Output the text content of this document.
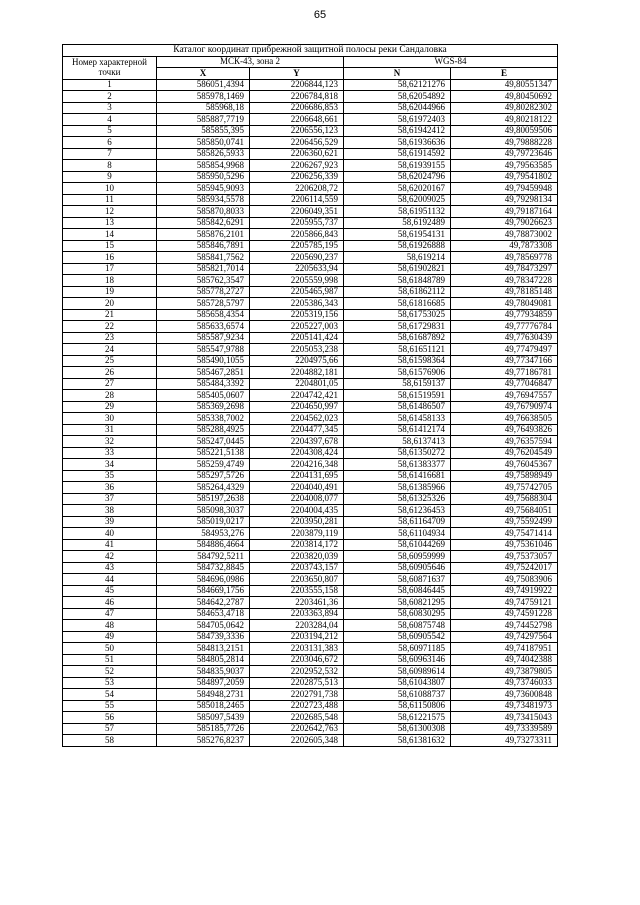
65
Каталог координат прибрежной защитной полосы реки Сандаловка				
Номер характерной точки	МСК-43, зона 2		WGS-84	
	X	Y	N	E
1	586051,4394	2206844,123	58,62121276	49,80551347
2	585978,1469	2206784,818	58,62054892	49,80450692
3	585968,18	2206686,853	58,62044966	49,80282302
4	585887,7719	2206648,661	58,61972403	49,80218122
5	585855,395	2206556,123	58,61942412	49,80059506
6	585850,0741	2206456,529	58,61936636	49,79888228
7	585826,5933	2206360,621	58,61914592	49,79723646
8	585854,9968	2206267,923	58,61939155	49,79563585
9	585950,5296	2206256,339	58,62024796	49,79541802
10	585945,9093	2206208,72	58,62020167	49,79459948
11	585934,5578	2206114,559	58,62009025	49,79298134
12	585870,8033	2206049,351	58,61951132	49,79187164
13	585842,6291	2205955,737	58,6192489	49,79026623
14	585876,2101	2205866,843	58,61954131	49,78873002
15	585846,7891	2205785,195	58,61926888	49,7873308
16	585841,7562	2205690,237	58,619214	49,78569778
17	585821,7014	2205633,94	58,61902821	49,78473297
18	585762,3547	2205559,998	58,61848789	49,78347228
19	585778,2727	2205465,987	58,61862112	49,78185148
20	585728,5797	2205386,343	58,61816685	49,78049081
21	585658,4354	2205319,156	58,61753025	49,77934859
22	585633,6574	2205227,003	58,61729831	49,77776784
23	585587,9234	2205141,424	58,61687892	49,77630439
24	585547,9788	2205053,238	58,61651121	49,77479497
25	585490,1055	2204975,66	58,61598364	49,77347166
26	585467,2851	2204882,181	58,61576906	49,77186781
27	585484,3392	2204801,05	58,6159137	49,77046847
28	585405,0607	2204742,421	58,61519591	49,76947557
29	585369,2698	2204650,997	58,61486507	49,76790974
30	585338,7002	2204562,023	58,61458133	49,76638505
31	585288,4925	2204477,345	58,61412174	49,76493826
32	585247,0445	2204397,678	58,6137413	49,76357594
33	585221,5138	2204308,424	58,61350272	49,76204549
34	585259,4749	2204216,348	58,61383377	49,76045367
35	585297,5726	2204131,695	58,61416681	49,75898949
36	585264,4329	2204040,491	58,61385966	49,75742705
37	585197,2638	2204008,077	58,61325326	49,75688304
38	585098,3037	2204004,435	58,61236453	49,75684051
39	585019,0217	2203950,281	58,61164709	49,75592499
40	584953,276	2203879,119	58,61104934	49,75471414
41	584886,4664	2203814,172	58,61044269	49,75361046
42	584792,5211	2203820,039	58,60959999	49,75373057
43	584732,8845	2203743,157	58,60905646	49,75242017
44	584696,0986	2203650,807	58,60871637	49,75083906
45	584669,1756	2203555,158	58,60846445	49,74919922
46	584642,2787	2203461,36	58,60821295	49,74759121
47	584653,4718	2203363,894	58,60830295	49,74591228
48	584705,0642	2203284,04	58,60875748	49,74452798
49	584739,3336	2203194,212	58,60905542	49,74297564
50	584813,2151	2203131,383	58,60971185	49,74187951
51	584805,2814	2203046,672	58,60963146	49,74042388
52	584835,9037	2202952,532	58,60989614	49,73879805
53	584897,2059	2202875,513	58,61043807	49,73746033
54	584948,2731	2202791,738	58,61088737	49,73600848
55	585018,2465	2202723,488	58,61150806	49,73481973
56	585097,5439	2202685,548	58,61221575	49,73415043
57	585185,7726	2202642,763	58,61300308	49,73339589
58	585276,8237	2202605,348	58,61381632	49,73273311
